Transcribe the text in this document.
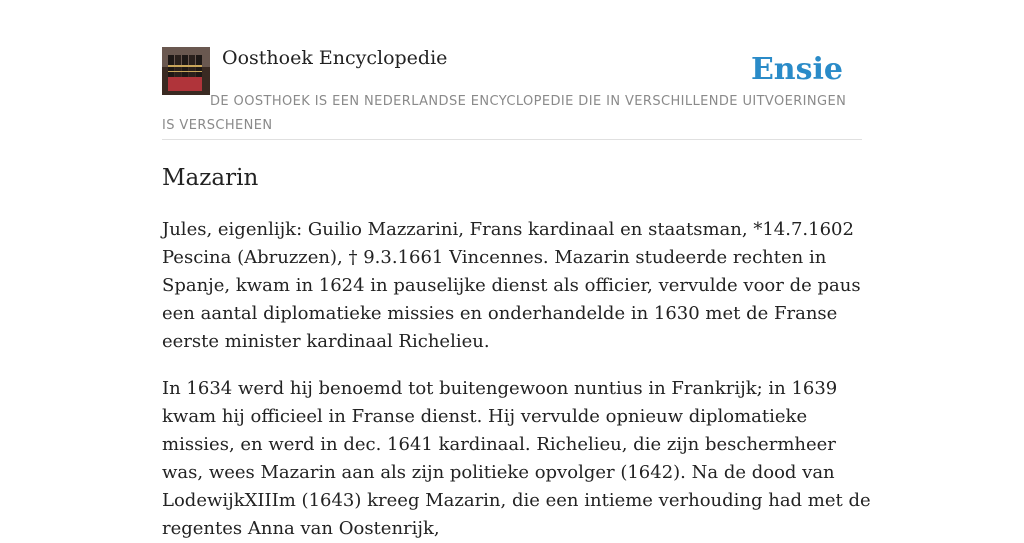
Oosthoek Encyclopedie	Ensie
DE OOSTHOEK IS EEN NEDERLANDSE ENCYCLOPEDIE DIE IN VERSCHILLENDE UITVOERINGEN IS VERSCHENEN
Mazarin

Jules, eigenlijk: Guilio Mazzarini, Frans kardinaal en staatsman, *14.7.1602 Pescina (Abruzzen), † 9.3.1661 Vincennes. Mazarin studeerde rechten in Spanje, kwam in 1624 in pauselijke dienst als officier, vervulde voor de paus een aantal diplomatieke missies en onderhandelde in 1630 met de Franse eerste minister kardinaal Richelieu.

In 1634 werd hij benoemd tot buitengewoon nuntius in Frankrijk; in 1639 kwam hij officieel in Franse dienst. Hij vervulde opnieuw diplomatieke missies, en werd in dec. 1641 kardinaal. Richelieu, die zijn beschermheer was, wees Mazarin aan als zijn politieke opvolger (1642). Na de dood van LodewijkXIIIm (1643) kreeg Mazarin, die een intieme verhouding had met de regentes Anna van Oostenrijk,
